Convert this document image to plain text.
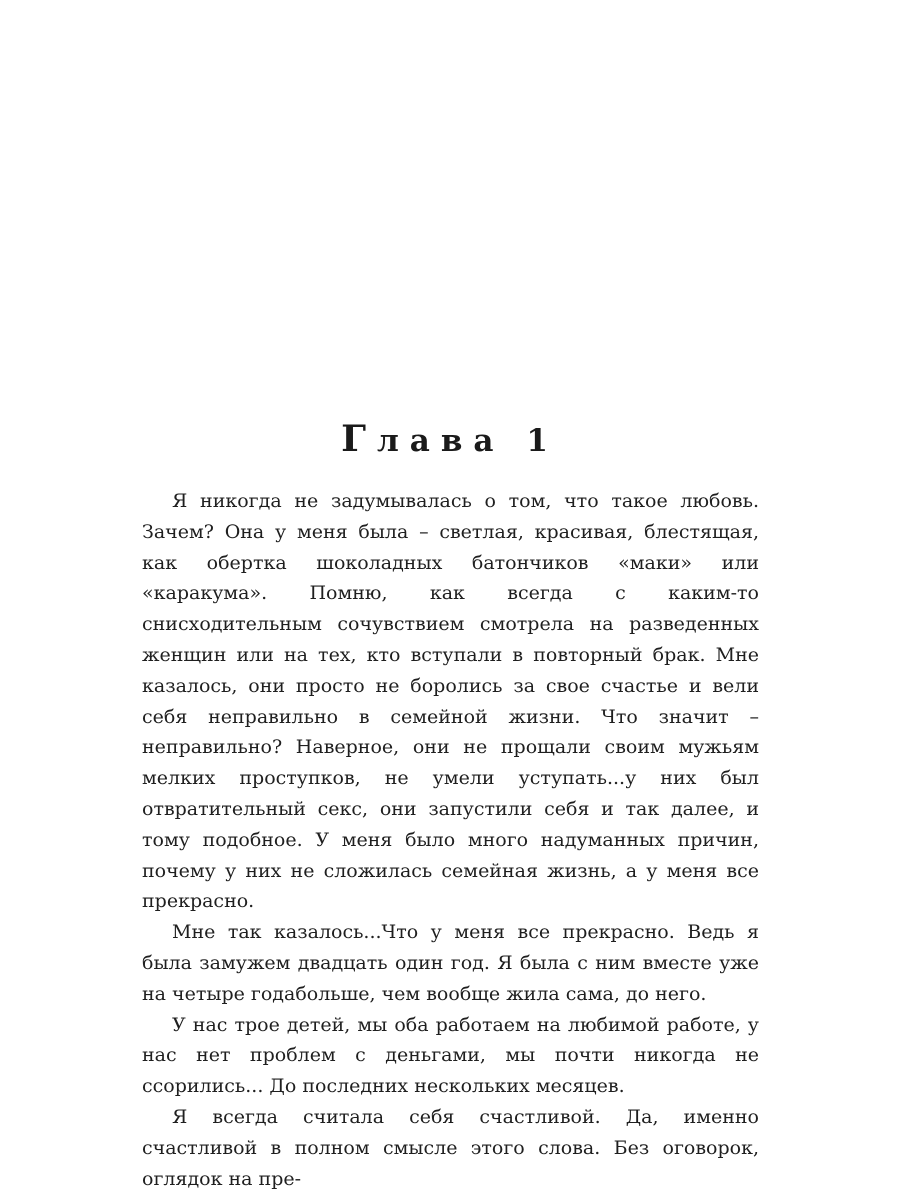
Глава 1

Я никогда не задумывалась о том, что такое любовь. Зачем? Она у меня была – светлая, красивая, блестящая, как обертка шоколадных батончиков «маки» или «каракума». Помню, как всегда с каким-то снисходительным сочувствием смотрела на разведенных женщин или на тех, кто вступали в повторный брак. Мне казалось, они просто не боролись за свое счастье и вели себя неправильно в семейной жизни. Что значит – неправильно? Наверное, они не прощали своим мужьям мелких проступков, не умели уступать...у них был отвратительный секс, они запустили себя и так далее, и тому подобное. У меня было много надуманных причин, почему у них не сложилась семейная жизнь, а у меня все прекрасно.

Мне так казалось...Что у меня все прекрасно. Ведь я была замужем двадцать один год. Я была с ним вместе уже на четыре годабольше, чем вообще жила сама, до него.

У нас трое детей, мы оба работаем на любимой работе, у нас нет проблем с деньгами, мы почти никогда не ссорились... До последних нескольких месяцев.

Я всегда считала себя счастливой. Да, именно счастливой в полном смысле этого слова. Без оговорок, оглядок на пре-
